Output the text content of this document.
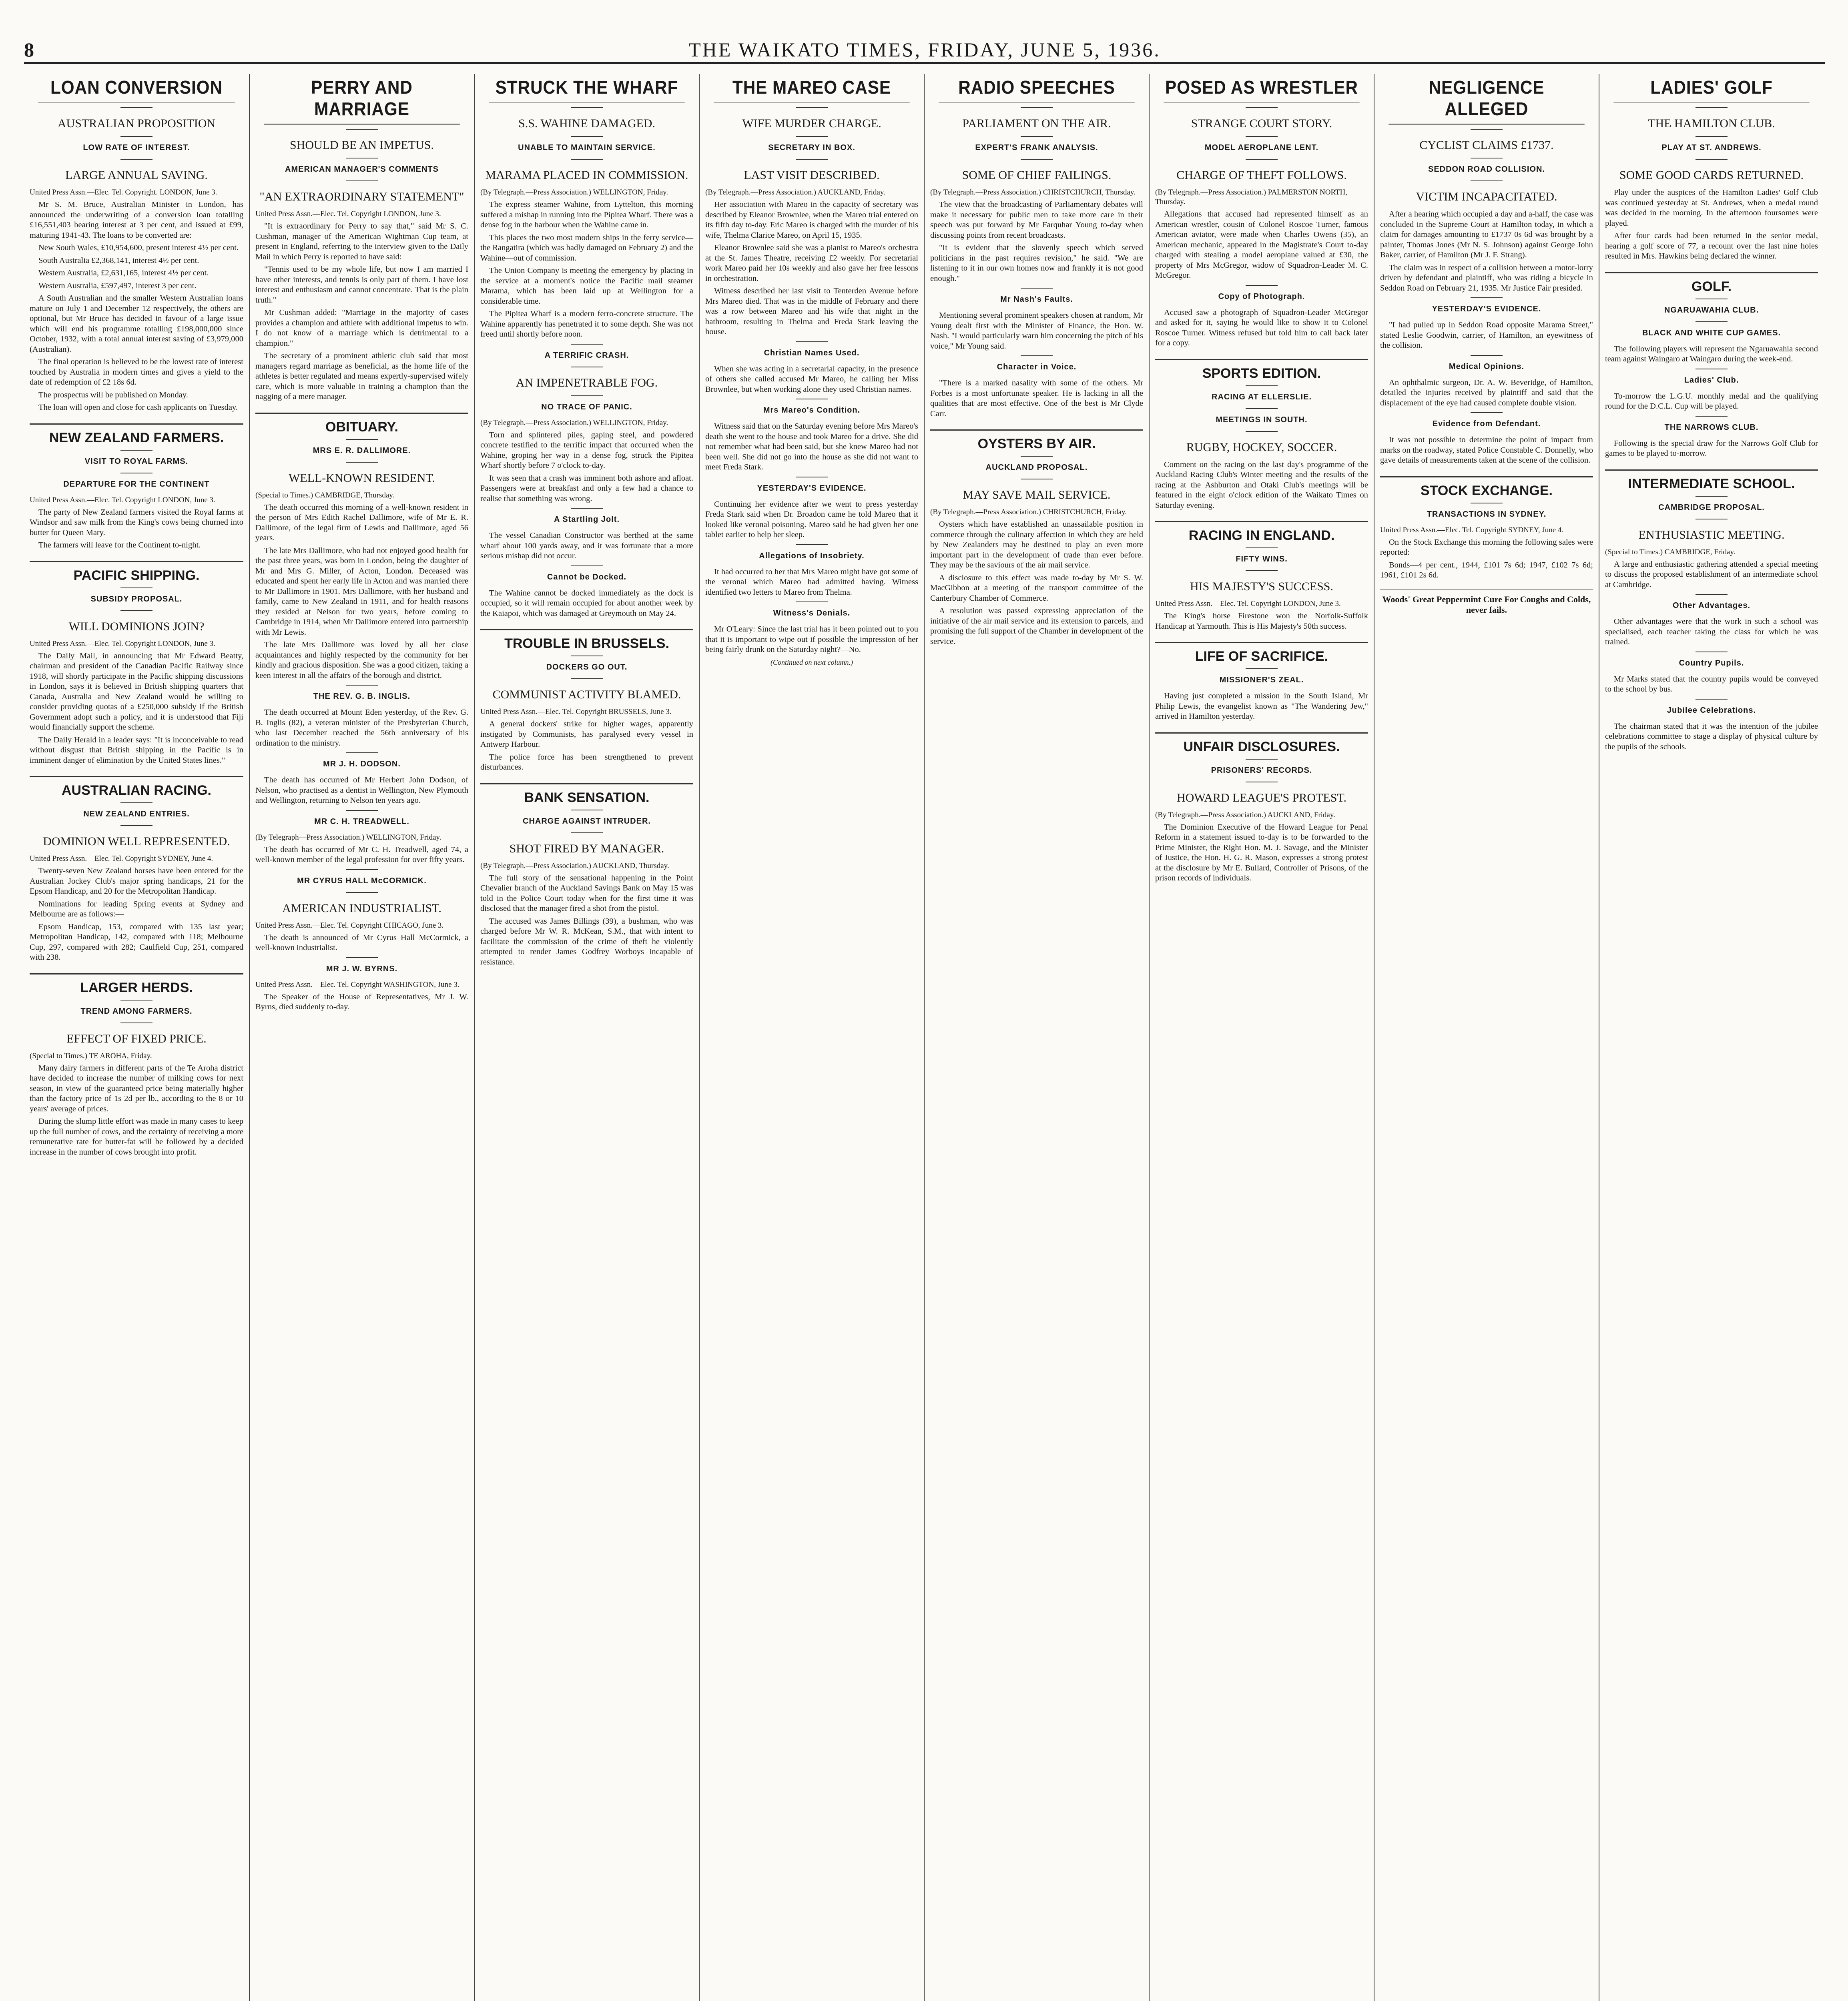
8	THE WAIKATO TIMES, FRIDAY, JUNE 5, 1936.
LOAN CONVERSION
AUSTRALIAN PROPOSITION
LOW RATE OF INTEREST.
LARGE ANNUAL SAVING.
United Press Assn.—Elec. Tel. Copyright. LONDON, June 3.

Mr S. M. Bruce, Australian Minister in London, has announced the underwriting of a conversion loan totalling £16,551,403 bearing interest at 3 per cent, and issued at £99, maturing 1941-43. The loans to be converted are:—

New South Wales, £10,954,600, present interest 4½ per cent.

South Australia £2,368,141, interest 4½ per cent.

Western Australia, £2,631,165, interest 4½ per cent.

Western Australia, £597,497, interest 3 per cent.

A South Australian and the smaller Western Australian loans mature on July 1 and December 12 respectively, the others are optional, but Mr Bruce has decided in favour of a large issue which will end his programme totalling £198,000,000 since October, 1932, with a total annual interest saving of £3,979,000 (Australian).

The final operation is believed to be the lowest rate of interest touched by Australia in modern times and gives a yield to the date of redemption of £2 18s 6d.

The prospectus will be published on Monday.

The loan will open and close for cash applicants on Tuesday.

NEW ZEALAND FARMERS.
VISIT TO ROYAL FARMS.
DEPARTURE FOR THE CONTINENT
United Press Assn.—Elec. Tel. Copyright LONDON, June 3.

The party of New Zealand farmers visited the Royal farms at Windsor and saw milk from the King's cows being churned into butter for Queen Mary.

The farmers will leave for the Continent to-night.

PACIFIC SHIPPING.
SUBSIDY PROPOSAL.
WILL DOMINIONS JOIN?
United Press Assn.—Elec. Tel. Copyright LONDON, June 3.

The Daily Mail, in announcing that Mr Edward Beatty, chairman and president of the Canadian Pacific Railway since 1918, will shortly participate in the Pacific shipping discussions in London, says it is believed in British shipping quarters that Canada, Australia and New Zealand would be willing to consider providing quotas of a £250,000 subsidy if the British Government adopt such a policy, and it is understood that Fiji would financially support the scheme.

The Daily Herald in a leader says: "It is inconceivable to read without disgust that British shipping in the Pacific is in imminent danger of elimination by the United States lines."

AUSTRALIAN RACING.
NEW ZEALAND ENTRIES.
DOMINION WELL REPRESENTED.
United Press Assn.—Elec. Tel. Copyright SYDNEY, June 4.

Twenty-seven New Zealand horses have been entered for the Australian Jockey Club's major spring handicaps, 21 for the Epsom Handicap, and 20 for the Metropolitan Handicap.

Nominations for leading Spring events at Sydney and Melbourne are as follows:—

Epsom Handicap, 153, compared with 135 last year; Metropolitan Handicap, 142, compared with 118; Melbourne Cup, 297, compared with 282; Caulfield Cup, 251, compared with 238.

LARGER HERDS.
TREND AMONG FARMERS.
EFFECT OF FIXED PRICE.
(Special to Times.) TE AROHA, Friday.

Many dairy farmers in different parts of the Te Aroha district have decided to increase the number of milking cows for next season, in view of the guaranteed price being materially higher than the factory price of 1s 2d per lb., according to the 8 or 10 years' average of prices.

During the slump little effort was made in many cases to keep up the full number of cows, and the certainty of receiving a more remunerative rate for butter-fat will be followed by a decided increase in the number of cows brought into profit.

PERRY AND MARRIAGE
SHOULD BE AN IMPETUS.
AMERICAN MANAGER'S COMMENTS
"AN EXTRAORDINARY STATEMENT"
United Press Assn.—Elec. Tel. Copyright LONDON, June 3.

"It is extraordinary for Perry to say that," said Mr S. C. Cushman, manager of the American Wightman Cup team, at present in England, referring to the interview given to the Daily Mail in which Perry is reported to have said:

"Tennis used to be my whole life, but now I am married I have other interests, and tennis is only part of them. I have lost interest and enthusiasm and cannot concentrate. That is the plain truth."

Mr Cushman added: "Marriage in the majority of cases provides a champion and athlete with additional impetus to win. I do not know of a marriage which is detrimental to a champion."

The secretary of a prominent athletic club said that most managers regard marriage as beneficial, as the home life of the athletes is better regulated and means expertly-supervised wifely care, which is more valuable in training a champion than the nagging of a mere manager.

OBITUARY.
MRS E. R. DALLIMORE.
WELL-KNOWN RESIDENT.
(Special to Times.) CAMBRIDGE, Thursday.

The death occurred this morning of a well-known resident in the person of Mrs Edith Rachel Dallimore, wife of Mr E. R. Dallimore, of the legal firm of Lewis and Dallimore, aged 56 years.

The late Mrs Dallimore, who had not enjoyed good health for the past three years, was born in London, being the daughter of Mr and Mrs G. Miller, of Acton, London. Deceased was educated and spent her early life in Acton and was married there to Mr Dallimore in 1901. Mrs Dallimore, with her husband and family, came to New Zealand in 1911, and for health reasons they resided at Nelson for two years, before coming to Cambridge in 1914, when Mr Dallimore entered into partnership with Mr Lewis.

The late Mrs Dallimore was loved by all her close acquaintances and highly respected by the community for her kindly and gracious disposition. She was a good citizen, taking a keen interest in all the affairs of the borough and district.

THE REV. G. B. INGLIS.

The death occurred at Mount Eden yesterday, of the Rev. G. B. Inglis (82), a veteran minister of the Presbyterian Church, who last December reached the 56th anniversary of his ordination to the ministry.

MR J. H. DODSON.

The death has occurred of Mr Herbert John Dodson, of Nelson, who practised as a dentist in Wellington, New Plymouth and Wellington, returning to Nelson ten years ago.

MR C. H. TREADWELL.
(By Telegraph—Press Association.) WELLINGTON, Friday.

The death has occurred of Mr C. H. Treadwell, aged 74, a well-known member of the legal profession for over fifty years.

MR CYRUS HALL McCORMICK.
AMERICAN INDUSTRIALIST.
United Press Assn.—Elec. Tel. Copyright CHICAGO, June 3.

The death is announced of Mr Cyrus Hall McCormick, a well-known industrialist.

MR J. W. BYRNS.
United Press Assn.—Elec. Tel. Copyright WASHINGTON, June 3.

The Speaker of the House of Representatives, Mr J. W. Byrns, died suddenly to-day.

STRUCK THE WHARF
S.S. WAHINE DAMAGED.
UNABLE TO MAINTAIN SERVICE.
MARAMA PLACED IN COMMISSION.
(By Telegraph.—Press Association.) WELLINGTON, Friday.

The express steamer Wahine, from Lyttelton, this morning suffered a mishap in running into the Pipitea Wharf. There was a dense fog in the harbour when the Wahine came in.

This places the two most modern ships in the ferry service—the Rangatira (which was badly damaged on February 2) and the Wahine—out of commission.

The Union Company is meeting the emergency by placing in the service at a moment's notice the Pacific mail steamer Marama, which has been laid up at Wellington for a considerable time.

The Pipitea Wharf is a modern ferro-concrete structure. The Wahine apparently has penetrated it to some depth. She was not freed until shortly before noon.

A TERRIFIC CRASH.
AN IMPENETRABLE FOG.
NO TRACE OF PANIC.
(By Telegraph.—Press Association.) WELLINGTON, Friday.

Torn and splintered piles, gaping steel, and powdered concrete testified to the terrific impact that occurred when the Wahine, groping her way in a dense fog, struck the Pipitea Wharf shortly before 7 o'clock to-day.

It was seen that a crash was imminent both ashore and afloat. Passengers were at breakfast and only a few had a chance to realise that something was wrong.

A Startling Jolt.

The vessel Canadian Constructor was berthed at the same wharf about 100 yards away, and it was fortunate that a more serious mishap did not occur.

Cannot be Docked.

The Wahine cannot be docked immediately as the dock is occupied, so it will remain occupied for about another week by the Kaiapoi, which was damaged at Greymouth on May 24.

TROUBLE IN BRUSSELS.
DOCKERS GO OUT.
COMMUNIST ACTIVITY BLAMED.
United Press Assn.—Elec. Tel. Copyright BRUSSELS, June 3.

A general dockers' strike for higher wages, apparently instigated by Communists, has paralysed every vessel in Antwerp Harbour.

The police force has been strengthened to prevent disturbances.

BANK SENSATION.
CHARGE AGAINST INTRUDER.
SHOT FIRED BY MANAGER.
(By Telegraph.—Press Association.) AUCKLAND, Thursday.

The full story of the sensational happening in the Point Chevalier branch of the Auckland Savings Bank on May 15 was told in the Police Court today when for the first time it was disclosed that the manager fired a shot from the pistol.

The accused was James Billings (39), a bushman, who was charged before Mr W. R. McKean, S.M., that with intent to facilitate the commission of the crime of theft he violently attempted to render James Godfrey Worboys incapable of resistance.

THE MAREO CASE
WIFE MURDER CHARGE.
SECRETARY IN BOX.
LAST VISIT DESCRIBED.
(By Telegraph.—Press Association.) AUCKLAND, Friday.

Her association with Mareo in the capacity of secretary was described by Eleanor Brownlee, when the Mareo trial entered on its fifth day to-day. Eric Mareo is charged with the murder of his wife, Thelma Clarice Mareo, on April 15, 1935.

Eleanor Brownlee said she was a pianist to Mareo's orchestra at the St. James Theatre, receiving £2 weekly. For secretarial work Mareo paid her 10s weekly and also gave her free lessons in orchestration.

Witness described her last visit to Tenterden Avenue before Mrs Mareo died. That was in the middle of February and there was a row between Mareo and his wife that night in the bathroom, resulting in Thelma and Freda Stark leaving the house.

Christian Names Used.

When she was acting in a secretarial capacity, in the presence of others she called accused Mr Mareo, he calling her Miss Brownlee, but when working alone they used Christian names.

Mrs Mareo's Condition.

Witness said that on the Saturday evening before Mrs Mareo's death she went to the house and took Mareo for a drive. She did not remember what had been said, but she knew Mareo had not been well. She did not go into the house as she did not want to meet Freda Stark.

YESTERDAY'S EVIDENCE.

Continuing her evidence after we went to press yesterday Freda Stark said when Dr. Broadon came he told Mareo that it looked like veronal poisoning. Mareo said he had given her one tablet earlier to help her sleep.

Allegations of Insobriety.

It had occurred to her that Mrs Mareo might have got some of the veronal which Mareo had admitted having. Witness identified two letters to Mareo from Thelma.

Witness's Denials.

Mr O'Leary: Since the last trial has it been pointed out to you that it is important to wipe out if possible the impression of her being fairly drunk on the Saturday night?—No.

(Continued on next column.)
RADIO SPEECHES
PARLIAMENT ON THE AIR.
EXPERT'S FRANK ANALYSIS.
SOME OF CHIEF FAILINGS.
(By Telegraph.—Press Association.) CHRISTCHURCH, Thursday.

The view that the broadcasting of Parliamentary debates will make it necessary for public men to take more care in their speech was put forward by Mr Farquhar Young to-day when discussing points from recent broadcasts.

"It is evident that the slovenly speech which served politicians in the past requires revision," he said. "We are listening to it in our own homes now and frankly it is not good enough."

Mr Nash's Faults.

Mentioning several prominent speakers chosen at random, Mr Young dealt first with the Minister of Finance, the Hon. W. Nash. "I would particularly warn him concerning the pitch of his voice," Mr Young said.

Character in Voice.

"There is a marked nasality with some of the others. Mr Forbes is a most unfortunate speaker. He is lacking in all the qualities that are most effective. One of the best is Mr Clyde Carr.

OYSTERS BY AIR.
AUCKLAND PROPOSAL.
MAY SAVE MAIL SERVICE.
(By Telegraph.—Press Association.) CHRISTCHURCH, Friday.

Oysters which have established an unassailable position in commerce through the culinary affection in which they are held by New Zealanders may be destined to play an even more important part in the development of trade than ever before. They may be the saviours of the air mail service.

A disclosure to this effect was made to-day by Mr S. W. MacGibbon at a meeting of the transport committee of the Canterbury Chamber of Commerce.

A resolution was passed expressing appreciation of the initiative of the air mail service and its extension to parcels, and promising the full support of the Chamber in development of the service.

POSED AS WRESTLER
STRANGE COURT STORY.
MODEL AEROPLANE LENT.
CHARGE OF THEFT FOLLOWS.
(By Telegraph.—Press Association.) PALMERSTON NORTH, Thursday.

Allegations that accused had represented himself as an American wrestler, cousin of Colonel Roscoe Turner, famous American aviator, were made when Charles Owens (35), an American mechanic, appeared in the Magistrate's Court to-day charged with stealing a model aeroplane valued at £30, the property of Mrs McGregor, widow of Squadron-Leader M. C. McGregor.

Copy of Photograph.

Accused saw a photograph of Squadron-Leader McGregor and asked for it, saying he would like to show it to Colonel Roscoe Turner. Witness refused but told him to call back later for a copy.

SPORTS EDITION.
RACING AT ELLERSLIE.
MEETINGS IN SOUTH.
RUGBY, HOCKEY, SOCCER.

Comment on the racing on the last day's programme of the Auckland Racing Club's Winter meeting and the results of the racing at the Ashburton and Otaki Club's meetings will be featured in the eight o'clock edition of the Waikato Times on Saturday evening.

RACING IN ENGLAND.
FIFTY WINS.
HIS MAJESTY'S SUCCESS.
United Press Assn.—Elec. Tel. Copyright LONDON, June 3.

The King's horse Firestone won the Norfolk-Suffolk Handicap at Yarmouth. This is His Majesty's 50th success.

LIFE OF SACRIFICE.
MISSIONER'S ZEAL.

Having just completed a mission in the South Island, Mr Philip Lewis, the evangelist known as "The Wandering Jew," arrived in Hamilton yesterday.

UNFAIR DISCLOSURES.
PRISONERS' RECORDS.
HOWARD LEAGUE'S PROTEST.
(By Telegraph.—Press Association.) AUCKLAND, Friday.

The Dominion Executive of the Howard League for Penal Reform in a statement issued to-day is to be forwarded to the Prime Minister, the Right Hon. M. J. Savage, and the Minister of Justice, the Hon. H. G. R. Mason, expresses a strong protest at the disclosure by Mr E. Bullard, Controller of Prisons, of the prison records of individuals.

NEGLIGENCE ALLEGED
CYCLIST CLAIMS £1737.
SEDDON ROAD COLLISION.
VICTIM INCAPACITATED.

After a hearing which occupied a day and a-half, the case was concluded in the Supreme Court at Hamilton today, in which a claim for damages amounting to £1737 0s 6d was brought by a painter, Thomas Jones (Mr N. S. Johnson) against George John Baker, carrier, of Hamilton (Mr J. F. Strang).

The claim was in respect of a collision between a motor-lorry driven by defendant and plaintiff, who was riding a bicycle in Seddon Road on February 21, 1935. Mr Justice Fair presided.

YESTERDAY'S EVIDENCE.

"I had pulled up in Seddon Road opposite Marama Street," stated Leslie Goodwin, carrier, of Hamilton, an eyewitness of the collision.

Medical Opinions.

An ophthalmic surgeon, Dr. A. W. Beveridge, of Hamilton, detailed the injuries received by plaintiff and said that the displacement of the eye had caused complete double vision.

Evidence from Defendant.

It was not possible to determine the point of impact from marks on the roadway, stated Police Constable C. Donnelly, who gave details of measurements taken at the scene of the collision.

STOCK EXCHANGE.
TRANSACTIONS IN SYDNEY.
United Press Assn.—Elec. Tel. Copyright SYDNEY, June 4.

On the Stock Exchange this morning the following sales were reported:

Bonds—4 per cent., 1944, £101 7s 6d; 1947, £102 7s 6d; 1961, £101 2s 6d.

Woods' Great Peppermint Cure For Coughs and Colds, never fails.
LADIES' GOLF
THE HAMILTON CLUB.
PLAY AT ST. ANDREWS.
SOME GOOD CARDS RETURNED.

Play under the auspices of the Hamilton Ladies' Golf Club was continued yesterday at St. Andrews, when a medal round was decided in the morning. In the afternoon foursomes were played.

After four cards had been returned in the senior medal, hearing a golf score of 77, a recount over the last nine holes resulted in Mrs. Hawkins being declared the winner.

GOLF.
NGARUAWAHIA CLUB.
BLACK AND WHITE CUP GAMES.

The following players will represent the Ngaruawahia second team against Waingaro at Waingaro during the week-end.

Ladies' Club.

To-morrow the L.G.U. monthly medal and the qualifying round for the D.C.L. Cup will be played.

THE NARROWS CLUB.

Following is the special draw for the Narrows Golf Club for games to be played to-morrow.

INTERMEDIATE SCHOOL.
CAMBRIDGE PROPOSAL.
ENTHUSIASTIC MEETING.
(Special to Times.) CAMBRIDGE, Friday.

A large and enthusiastic gathering attended a special meeting to discuss the proposed establishment of an intermediate school at Cambridge.

Other Advantages.

Other advantages were that the work in such a school was specialised, each teacher taking the class for which he was trained.

Country Pupils.

Mr Marks stated that the country pupils would be conveyed to the school by bus.

Jubilee Celebrations.

The chairman stated that it was the intention of the jubilee celebrations committee to stage a display of physical culture by the pupils of the schools.
